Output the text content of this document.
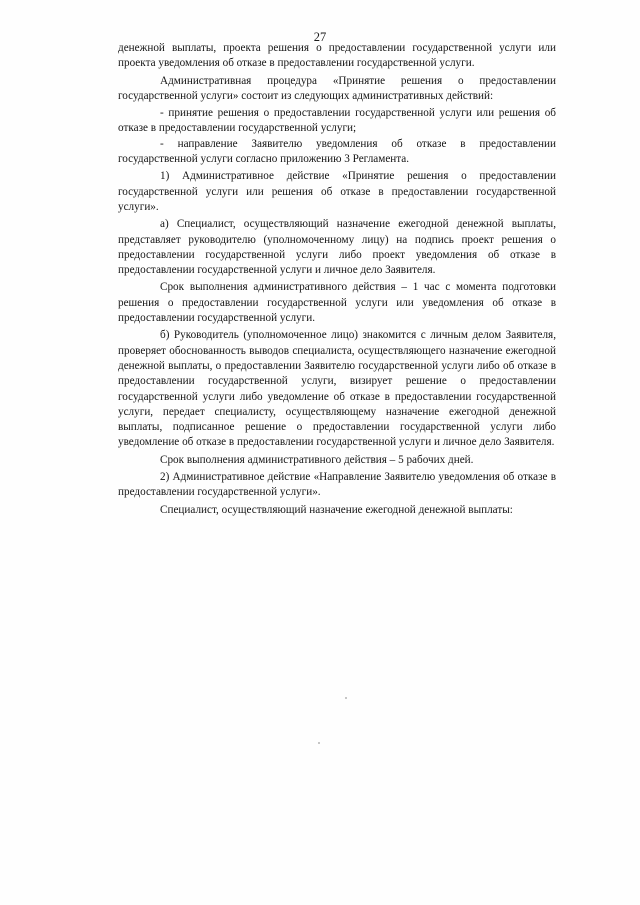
27

денежной выплаты, проекта решения о предоставлении государственной услуги или проекта уведомления об отказе в предоставлении государственной услуги.

Административная процедура «Принятие решения о предоставлении государственной услуги» состоит из следующих административных действий:

- принятие решения о предоставлении государственной услуги или решения об отказе в предоставлении государственной услуги;

- направление Заявителю уведомления об отказе в предоставлении государственной услуги согласно приложению 3 Регламента.

1) Административное действие «Принятие решения о предоставлении государственной услуги или решения об отказе в предоставлении государственной услуги».

а) Специалист, осуществляющий назначение ежегодной денежной выплаты, представляет руководителю (уполномоченному лицу) на подпись проект решения о предоставлении государственной услуги либо проект уведомления об отказе в предоставлении государственной услуги и личное дело Заявителя.

Срок выполнения административного действия – 1 час с момента подготовки решения о предоставлении государственной услуги или уведомления об отказе в предоставлении государственной услуги.

б) Руководитель (уполномоченное лицо) знакомится с личным делом Заявителя, проверяет обоснованность выводов специалиста, осуществляющего назначение ежегодной денежной выплаты, о предоставлении Заявителю государственной услуги либо об отказе в предоставлении государственной услуги, визирует решение о предоставлении государственной услуги либо уведомление об отказе в предоставлении государственной услуги, передает специалисту, осуществляющему назначение ежегодной денежной выплаты, подписанное решение о предоставлении государственной услуги либо уведомление об отказе в предоставлении государственной услуги и личное дело Заявителя.

Срок выполнения административного действия – 5 рабочих дней.

2) Административное действие «Направление Заявителю уведомления об отказе в предоставлении государственной услуги».

Специалист, осуществляющий назначение ежегодной денежной выплаты:
